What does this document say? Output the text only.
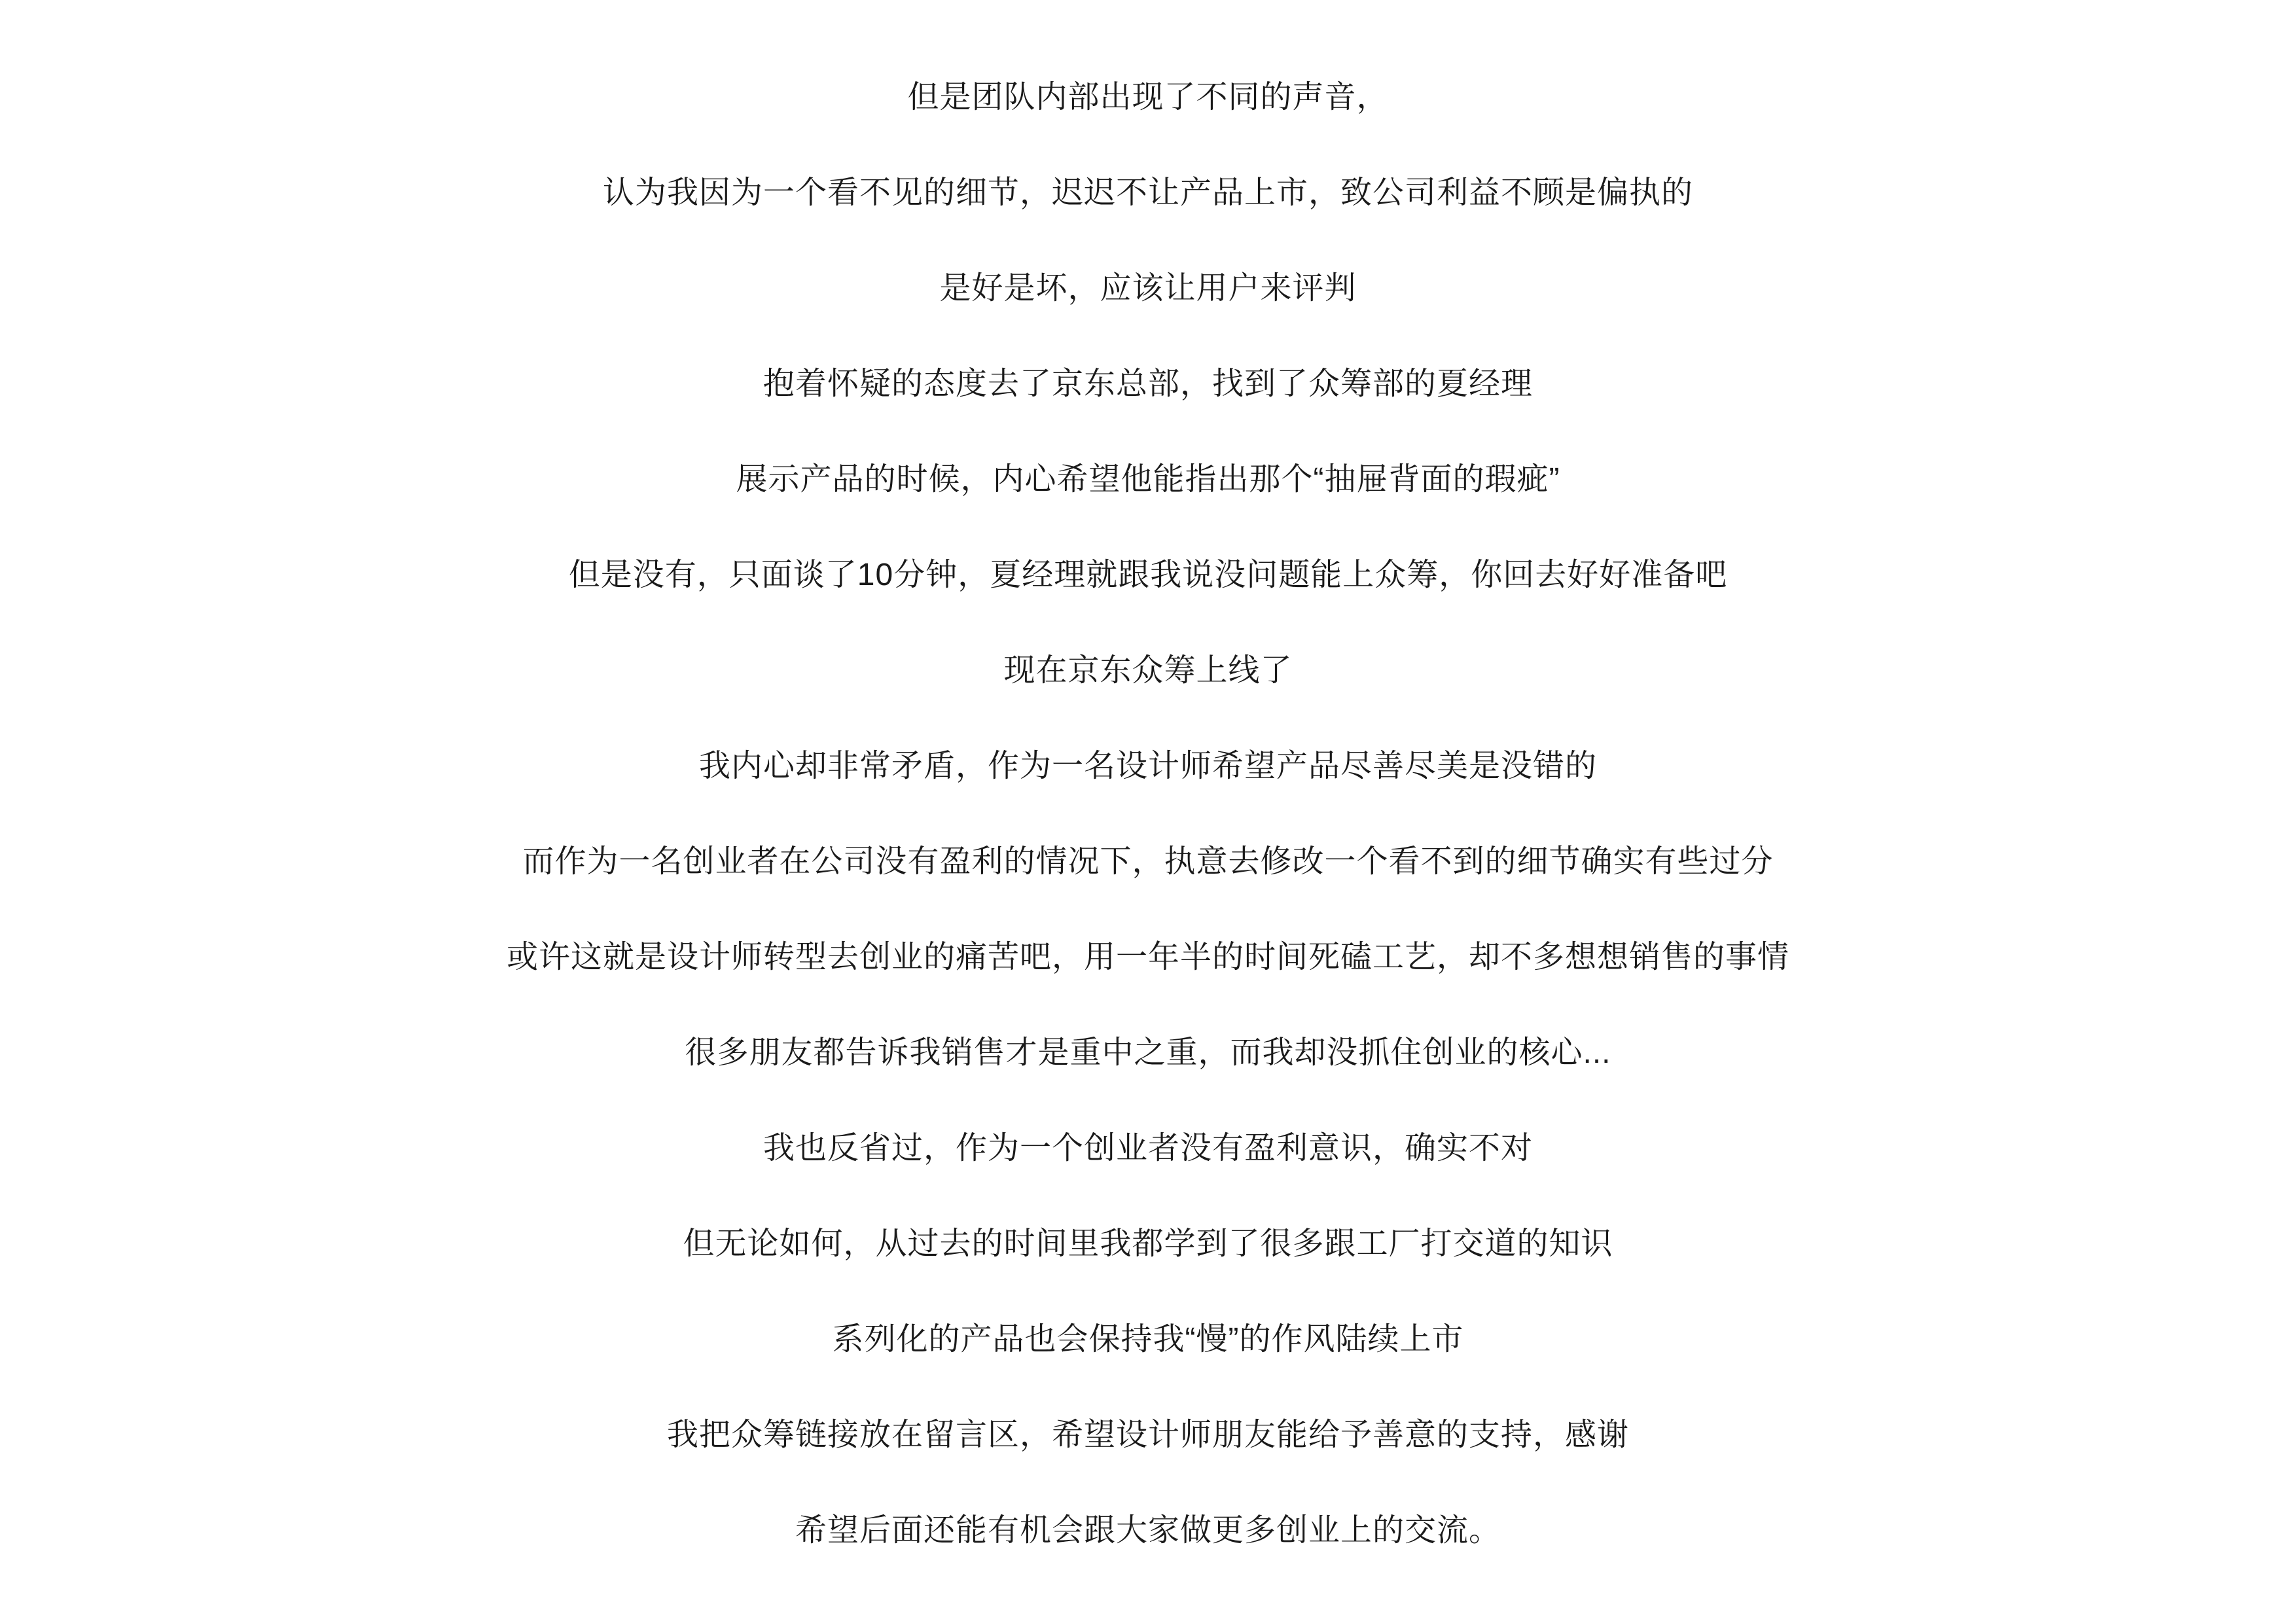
但是团队内部出现了不同的声音，

认为我因为一个看不见的细节，迟迟不让产品上市，致公司利益不顾是偏执的

是好是坏，应该让用户来评判

抱着怀疑的态度去了京东总部，找到了众筹部的夏经理

展示产品的时候，内心希望他能指出那个“抽屉背面的瑕疵”

但是没有，只面谈了10分钟，夏经理就跟我说没问题能上众筹，你回去好好准备吧

现在京东众筹上线了

我内心却非常矛盾，作为一名设计师希望产品尽善尽美是没错的

而作为一名创业者在公司没有盈利的情况下，执意去修改一个看不到的细节确实有些过分

或许这就是设计师转型去创业的痛苦吧，用一年半的时间死磕工艺，却不多想想销售的事情

很多朋友都告诉我销售才是重中之重，而我却没抓住创业的核心...

我也反省过，作为一个创业者没有盈利意识，确实不对

但无论如何，从过去的时间里我都学到了很多跟工厂打交道的知识

系列化的产品也会保持我“慢”的作风陆续上市

我把众筹链接放在留言区，希望设计师朋友能给予善意的支持，感谢

希望后面还能有机会跟大家做更多创业上的交流。
